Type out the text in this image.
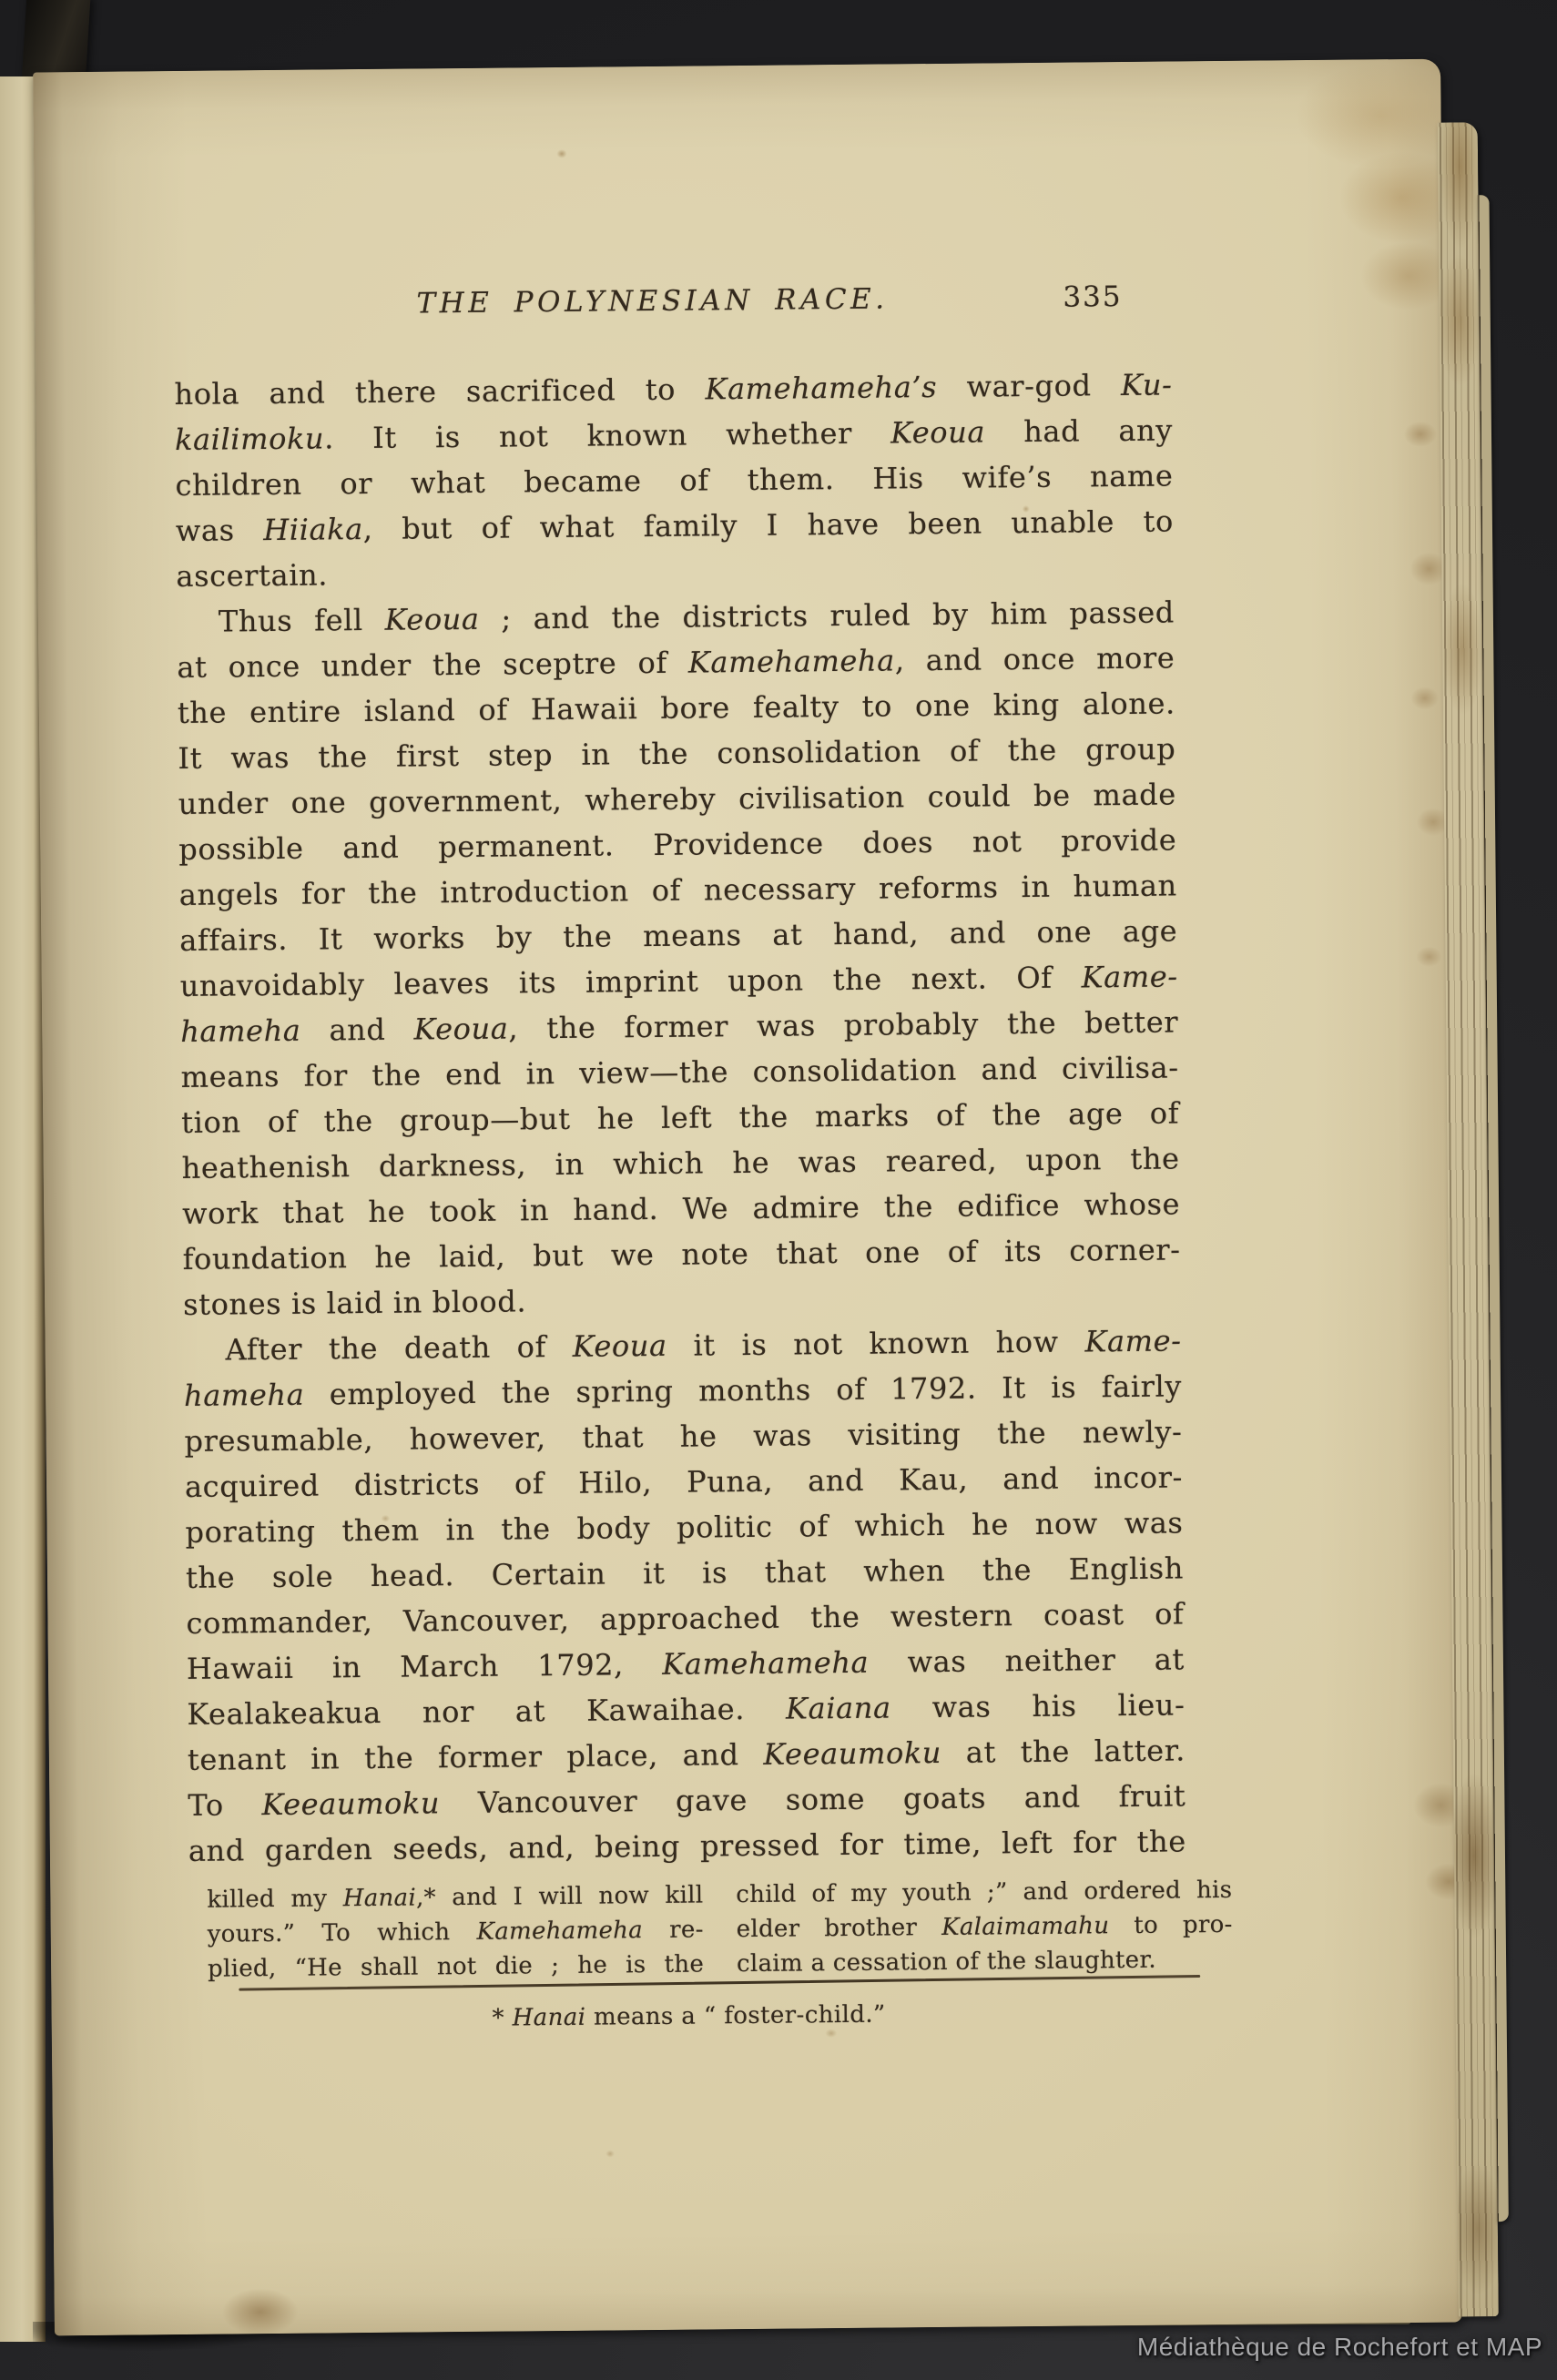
THE POLYNESIAN RACE.	335
hola and there sacrificed to Kamehameha’s war-god Ku-
kailimoku. It is not known whether Keoua had any
children or what became of them. His wife’s name
was Hiiaka, but of what family I have been unable to
ascertain.
Thus fell Keoua ; and the districts ruled by him passed
at once under the sceptre of Kamehameha, and once more
the entire island of Hawaii bore fealty to one king alone.
It was the first step in the consolidation of the group
under one government, whereby civilisation could be made
possible and permanent. Providence does not provide
angels for the introduction of necessary reforms in human
affairs. It works by the means at hand, and one age
unavoidably leaves its imprint upon the next. Of Kame-
hameha and Keoua, the former was probably the better
means for the end in view—the consolidation and civilisa-
tion of the group—but he left the marks of the age of
heathenish darkness, in which he was reared, upon the
work that he took in hand. We admire the edifice whose
foundation he laid, but we note that one of its corner-
stones is laid in blood.
After the death of Keoua it is not known how Kame-
hameha employed the spring months of 1792. It is fairly
presumable, however, that he was visiting the newly-
acquired districts of Hilo, Puna, and Kau, and incor-
porating them in the body politic of which he now was
the sole head. Certain it is that when the English
commander, Vancouver, approached the western coast of
Hawaii in March 1792, Kamehameha was neither at
Kealakeakua nor at Kawaihae. Kaiana was his lieu-
tenant in the former place, and Keeaumoku at the latter.
To Keeaumoku Vancouver gave some goats and fruit
and garden seeds, and, being pressed for time, left for the
killed my Hanai,* and I will now kill
yours.” To which Kamehameha re-
plied, “He shall not die ; he is the
child of my youth ;” and ordered his
elder brother Kalaimamahu to pro-
claim a cessation of the slaughter.
* Hanai means a “ foster-child.”
Médiathèque de Rochefort et MAP
